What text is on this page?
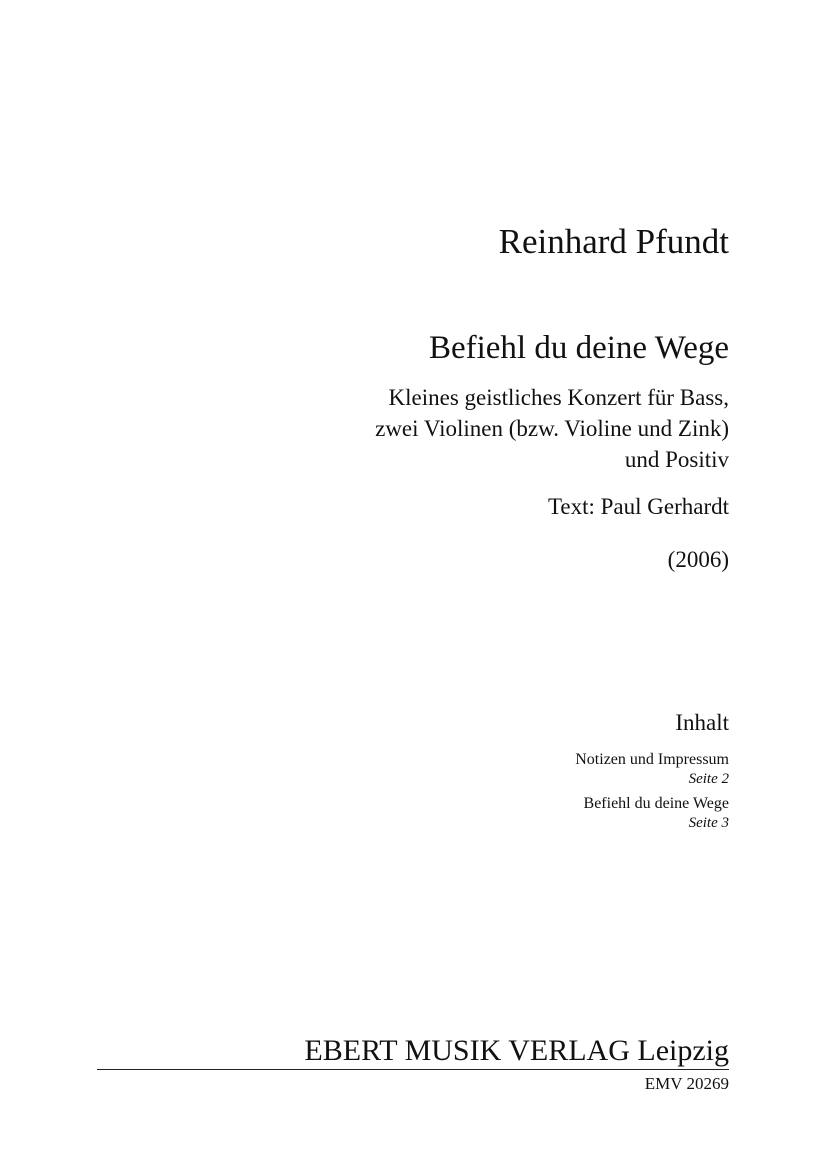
Reinhard Pfundt
Befiehl du deine Wege
Kleines geistliches Konzert für Bass,
zwei Violinen (bzw. Violine und Zink)
und Positiv
Text: Paul Gerhardt
(2006)
Inhalt
Notizen und Impressum
Seite 2
Befiehl du deine Wege
Seite 3
EBERT MUSIK VERLAG Leipzig
EMV 20269
